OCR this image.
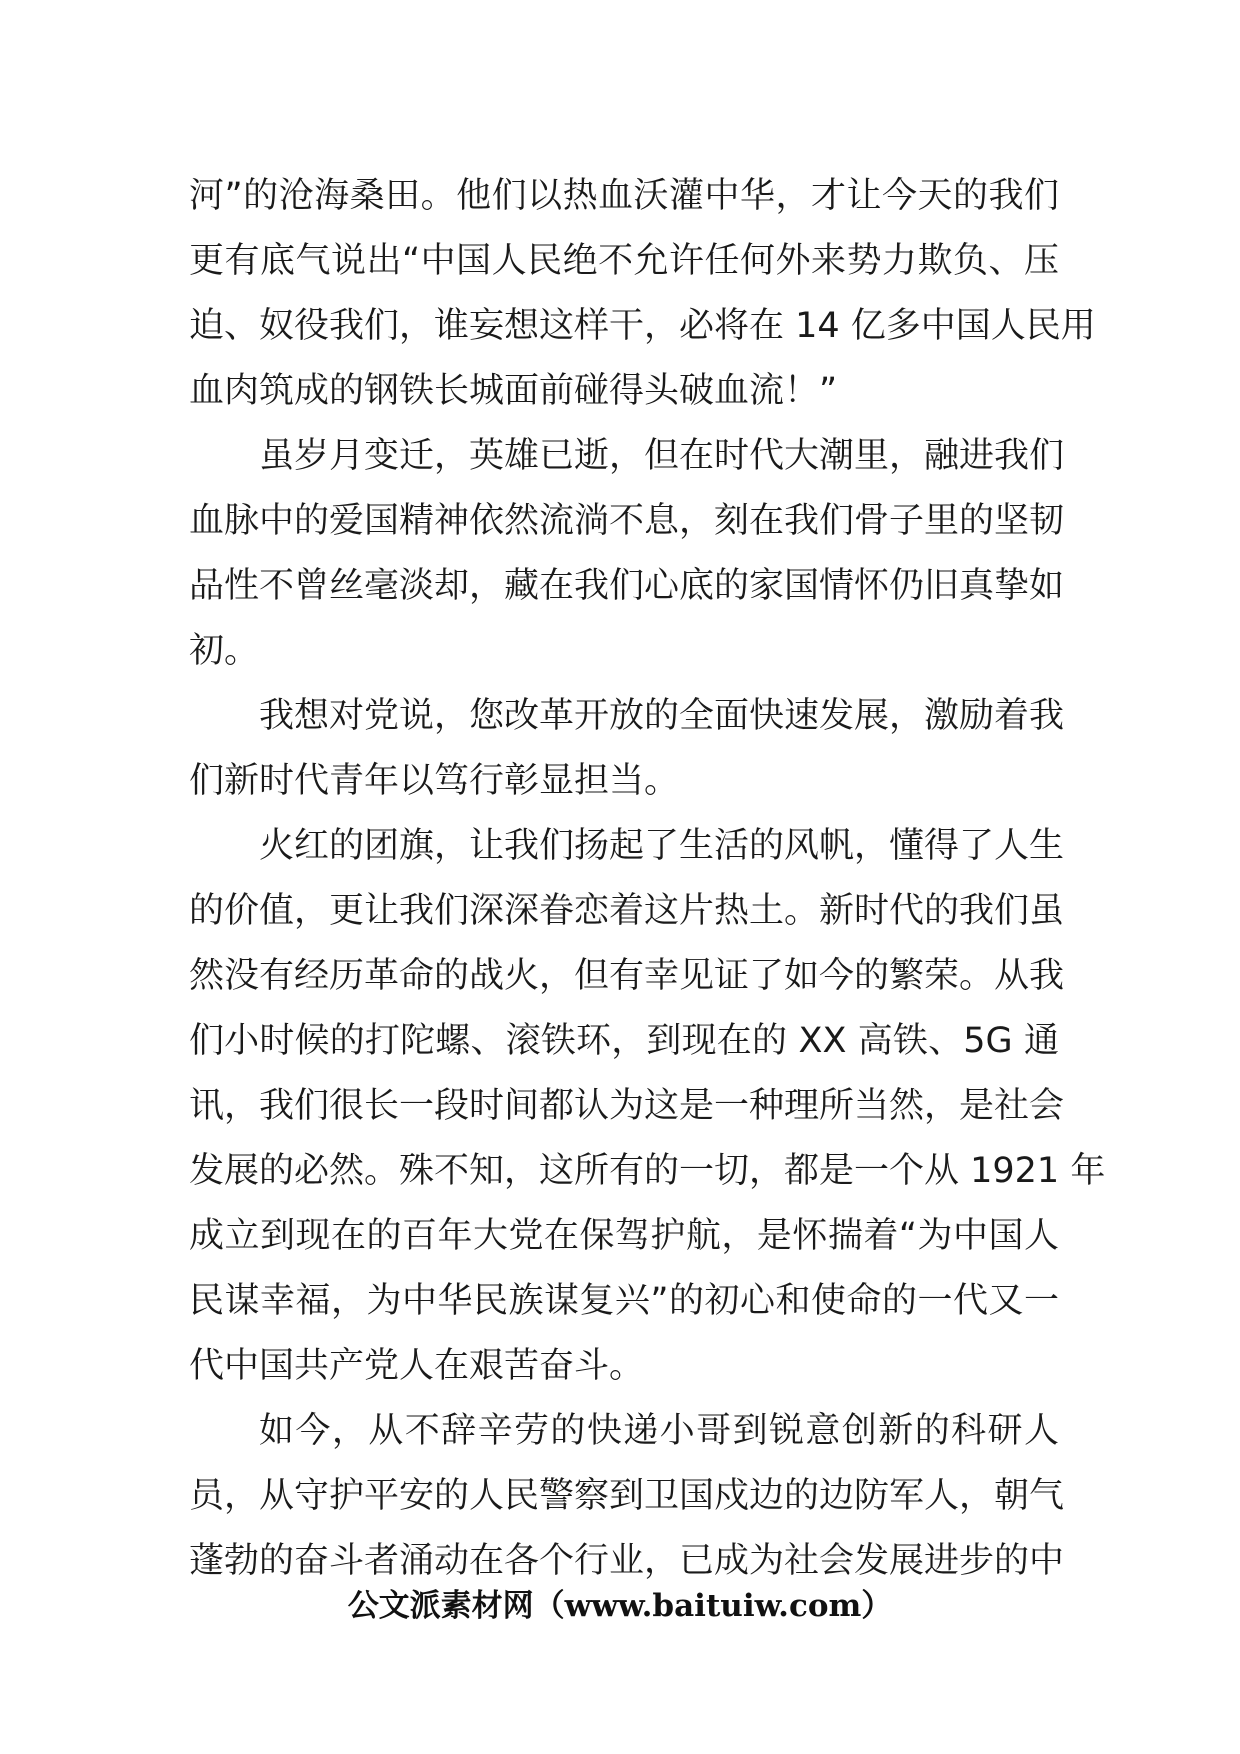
河”的沧海桑田。他们以热血沃灌中华，才让今天的我们
更有底气说出“中国人民绝不允许任何外来势力欺负、压
迫、奴役我们，谁妄想这样干，必将在 14 亿多中国人民用
血肉筑成的钢铁长城面前碰得头破血流！”
虽岁月变迁，英雄已逝，但在时代大潮里，融进我们
血脉中的爱国精神依然流淌不息，刻在我们骨子里的坚韧
品性不曾丝毫淡却，藏在我们心底的家国情怀仍旧真挚如
初。
我想对党说，您改革开放的全面快速发展，激励着我
们新时代青年以笃行彰显担当。
火红的团旗，让我们扬起了生活的风帆，懂得了人生
的价值，更让我们深深眷恋着这片热土。新时代的我们虽
然没有经历革命的战火，但有幸见证了如今的繁荣。从我
们小时候的打陀螺、滚铁环，到现在的 XX 高铁、5G 通
讯，我们很长一段时间都认为这是一种理所当然，是社会
发展的必然。殊不知，这所有的一切，都是一个从 1921 年
成立到现在的百年大党在保驾护航，是怀揣着“为中国人
民谋幸福，为中华民族谋复兴”的初心和使命的一代又一
代中国共产党人在艰苦奋斗。
如今，从不辞辛劳的快递小哥到锐意创新的科研人
员，从守护平安的人民警察到卫国戍边的边防军人，朝气
蓬勃的奋斗者涌动在各个行业，已成为社会发展进步的中
公文派素材网（www.baituiw.com）
